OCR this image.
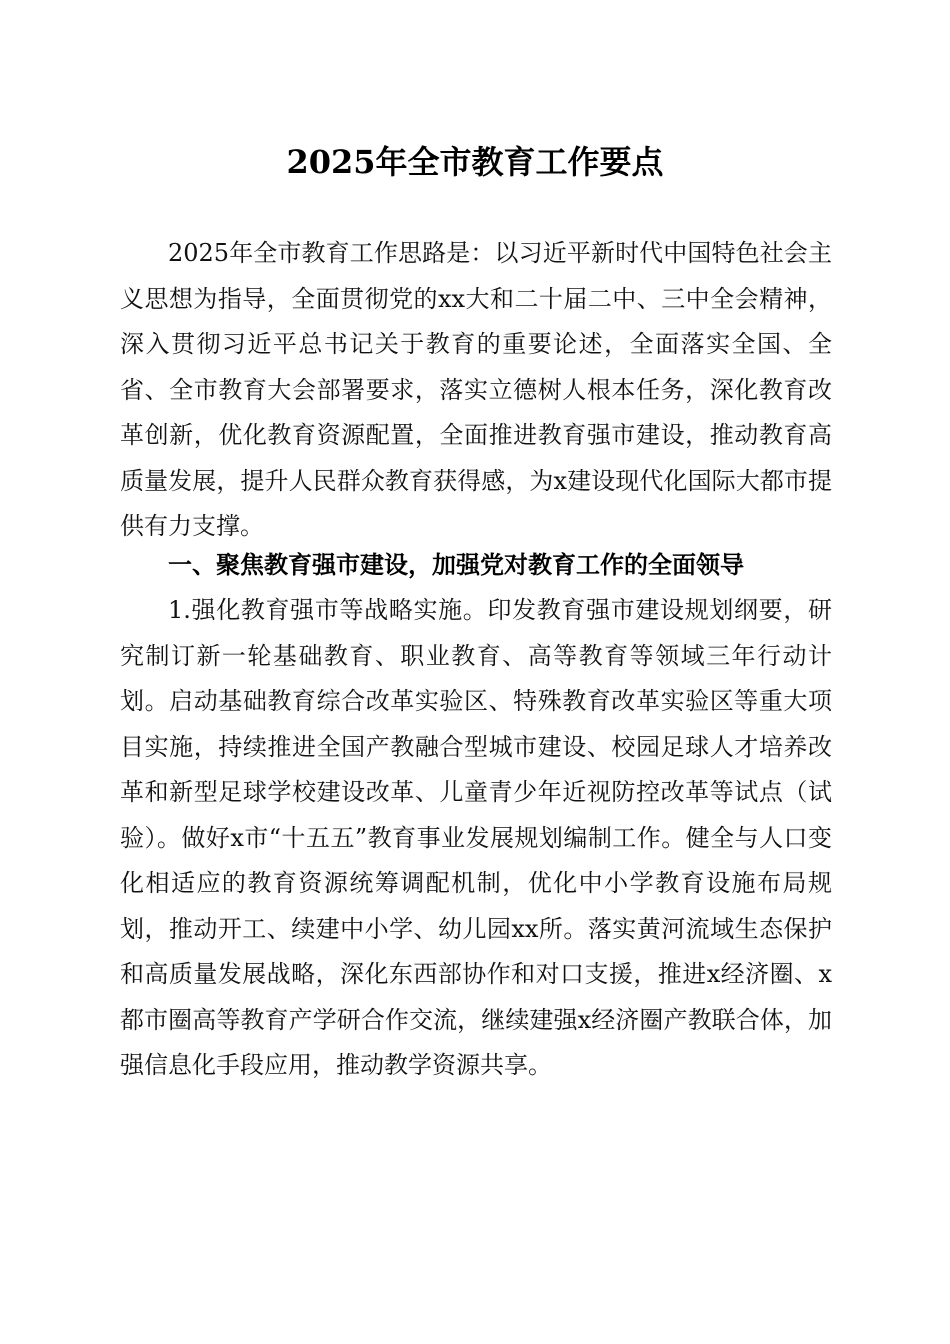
2025年全市教育工作要点

2025年全市教育工作思路是：以习近平新时代中国特色社会主义思想为指导，全面贯彻党的xx大和二十届二中、三中全会精神，深入贯彻习近平总书记关于教育的重要论述，全面落实全国、全省、全市教育大会部署要求，落实立德树人根本任务，深化教育改革创新，优化教育资源配置，全面推进教育强市建设，推动教育高质量发展，提升人民群众教育获得感，为x建设现代化国际大都市提供有力支撑。

一、聚焦教育强市建设，加强党对教育工作的全面领导

1.强化教育强市等战略实施。印发教育强市建设规划纲要，研究制订新一轮基础教育、职业教育、高等教育等领域三年行动计划。启动基础教育综合改革实验区、特殊教育改革实验区等重大项目实施，持续推进全国产教融合型城市建设、校园足球人才培养改革和新型足球学校建设改革、儿童青少年近视防控改革等试点（试验）。做好x市“十五五”教育事业发展规划编制工作。健全与人口变化相适应的教育资源统筹调配机制，优化中小学教育设施布局规划，推动开工、续建中小学、幼儿园xx所。落实黄河流域生态保护和高质量发展战略，深化东西部协作和对口支援，推进x经济圈、x都市圈高等教育产学研合作交流，继续建强x经济圈产教联合体，加强信息化手段应用，推动教学资源共享。
